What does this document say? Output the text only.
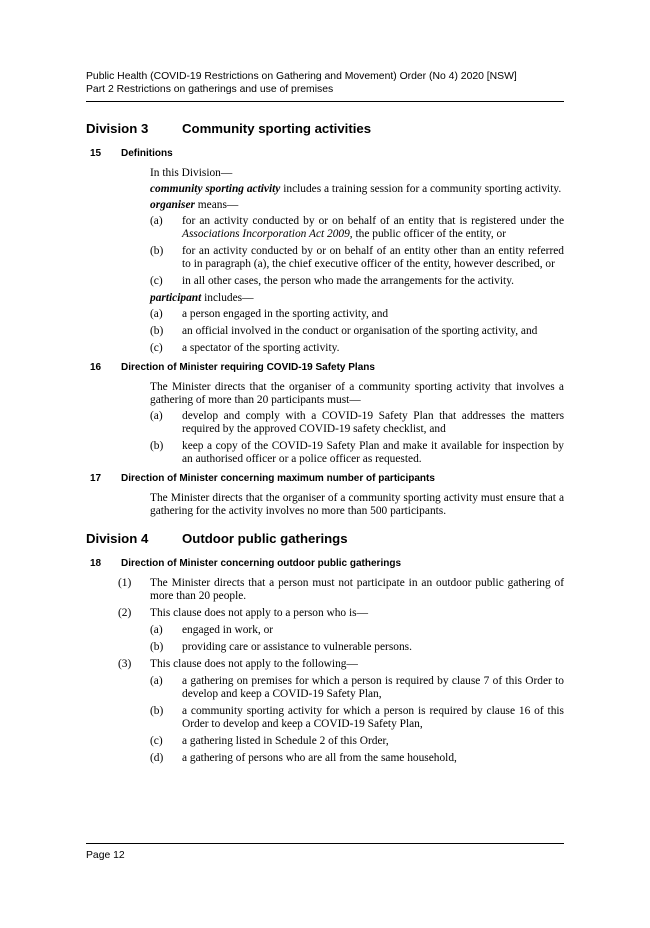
Public Health (COVID-19 Restrictions on Gathering and Movement) Order (No 4) 2020 [NSW]
Part 2 Restrictions on gatherings and use of premises
Division 3	Community sporting activities
15	Definitions
In this Division—
community sporting activity includes a training session for a community sporting activity.
organiser means—
(a)	for an activity conducted by or on behalf of an entity that is registered under the Associations Incorporation Act 2009, the public officer of the entity, or
(b)	for an activity conducted by or on behalf of an entity other than an entity referred to in paragraph (a), the chief executive officer of the entity, however described, or
(c)	in all other cases, the person who made the arrangements for the activity.
participant includes—
(a)	a person engaged in the sporting activity, and
(b)	an official involved in the conduct or organisation of the sporting activity, and
(c)	a spectator of the sporting activity.
16	Direction of Minister requiring COVID-19 Safety Plans
The Minister directs that the organiser of a community sporting activity that involves a gathering of more than 20 participants must—
(a)	develop and comply with a COVID-19 Safety Plan that addresses the matters required by the approved COVID-19 safety checklist, and
(b)	keep a copy of the COVID-19 Safety Plan and make it available for inspection by an authorised officer or a police officer as requested.
17	Direction of Minister concerning maximum number of participants
The Minister directs that the organiser of a community sporting activity must ensure that a gathering for the activity involves no more than 500 participants.
Division 4	Outdoor public gatherings
18	Direction of Minister concerning outdoor public gatherings
(1)	The Minister directs that a person must not participate in an outdoor public gathering of more than 20 people.
(2)	This clause does not apply to a person who is—
(a)	engaged in work, or
(b)	providing care or assistance to vulnerable persons.
(3)	This clause does not apply to the following—
(a)	a gathering on premises for which a person is required by clause 7 of this Order to develop and keep a COVID-19 Safety Plan,
(b)	a community sporting activity for which a person is required by clause 16 of this Order to develop and keep a COVID-19 Safety Plan,
(c)	a gathering listed in Schedule 2 of this Order,
(d)	a gathering of persons who are all from the same household,
Page 12
